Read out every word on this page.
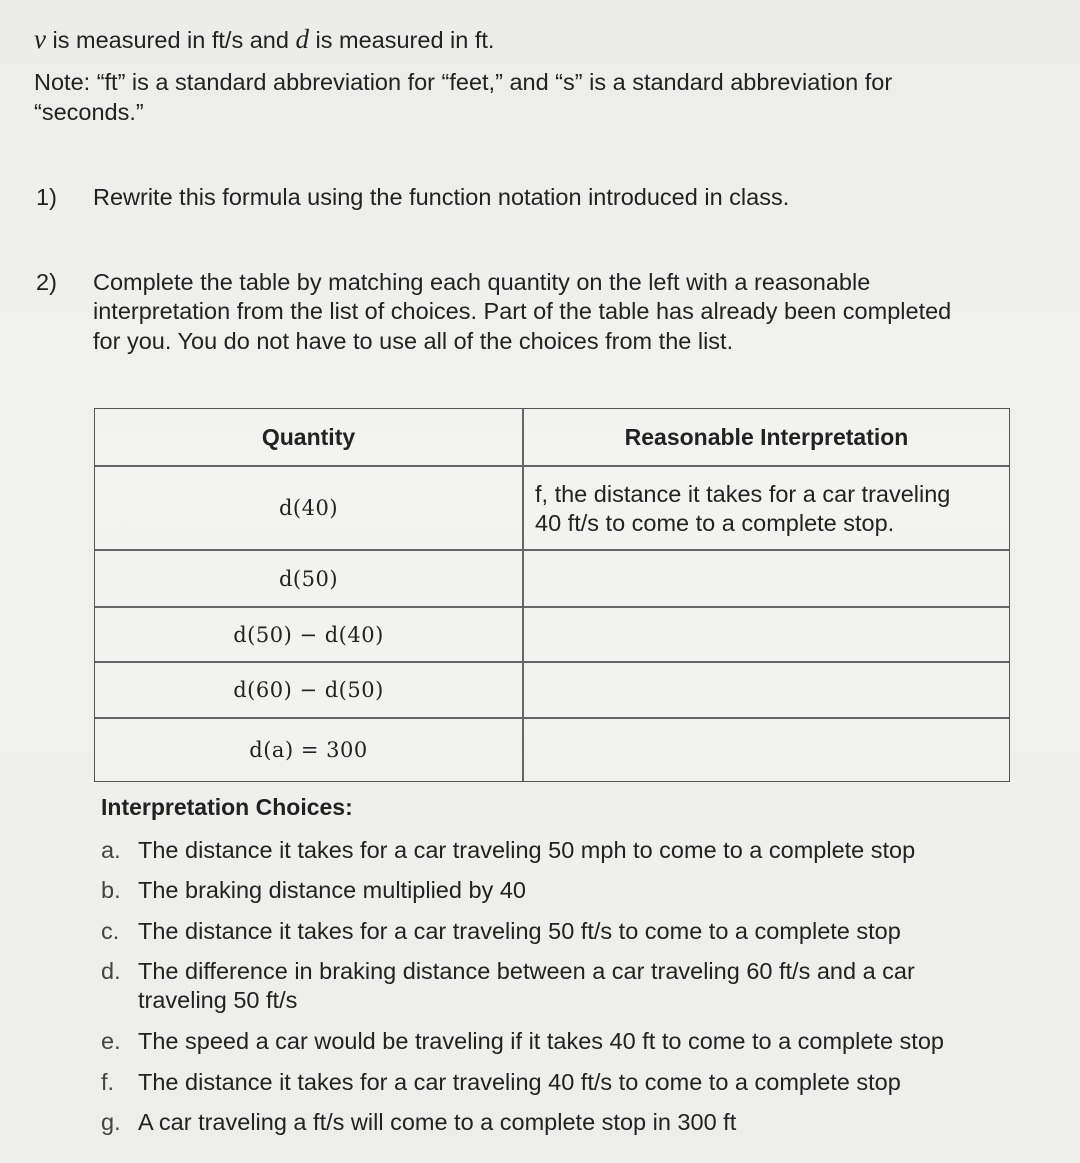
v is measured in ft/s and d is measured in ft.
Note: “ft” is a standard abbreviation for “feet,” and “s” is a standard abbreviation for
“seconds.”
1) Rewrite this formula using the function notation introduced in class.
2) Complete the table by matching each quantity on the left with a reasonable
interpretation from the list of choices. Part of the table has already been completed
for you. You do not have to use all of the choices from the list.
Quantity	Reasonable Interpretation
d(40)
f, the distance it takes for a car traveling
40 ft/s to come to a complete stop.
d(50)
d(50) − d(40)
d(60) − d(50)
d(a) = 300
Interpretation Choices:
a. The distance it takes for a car traveling 50 mph to come to a complete stop
b. The braking distance multiplied by 40
c. The distance it takes for a car traveling 50 ft/s to come to a complete stop
d. The difference in braking distance between a car traveling 60 ft/s and a car traveling 50 ft/s
e. The speed a car would be traveling if it takes 40 ft to come to a complete stop
f. The distance it takes for a car traveling 40 ft/s to come to a complete stop
g. A car traveling a ft/s will come to a complete stop in 300 ft
